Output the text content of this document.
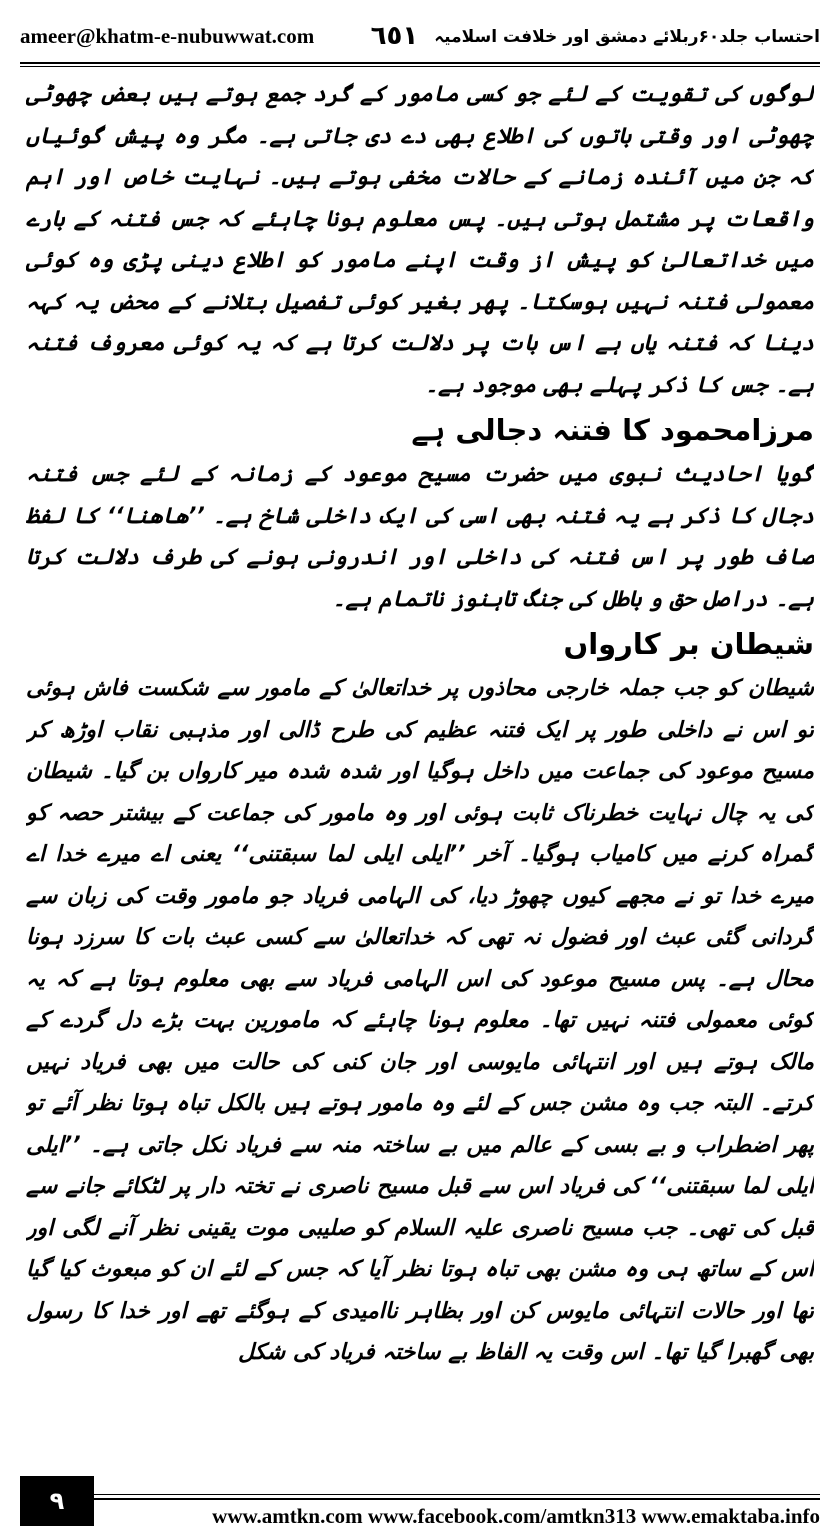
ameer@khatm-e-nubuwwat.com	احتساب جلد۶۰ربلائے دمشق اور خلافت اسلامیہ
٦٥١

لوگوں کی تقویت کے لئے جو کسی مامور کے گرد جمع ہوتے ہیں بعض چھوٹی چھوٹی اور وقتی باتوں کی اطلاع بھی دے دی جاتی ہے۔ مگر وہ پیش گوئیاں کہ جن میں آئندہ زمانے کے حالات مخفی ہوتے ہیں۔ نہایت خاص اور اہم واقعات پر مشتمل ہوتی ہیں۔ پس معلوم ہونا چاہئے کہ جس فتنہ کے بارے میں خداتعالیٰ کو پیش از وقت اپنے مامور کو اطلاع دینی پڑی وہ کوئی معمولی فتنہ نہیں ہوسکتا۔ پھر بغیر کوئی تفصیل بتلانے کے محض یہ کہہ دینا کہ فتنہ یاں ہے اس بات پر دلالت کرتا ہے کہ یہ کوئی معروف فتنہ ہے۔ جس کا ذکر پہلے بھی موجود ہے۔

مرزامحمود کا فتنہ دجالی ہے

گویا احادیث نبوی میں حضرت مسیح موعود کے زمانہ کے لئے جس فتنہ دجال کا ذکر ہے یہ فتنہ بھی اسی کی ایک داخلی شاخ ہے۔ ’’ھاھنا‘‘ کا لفظ صاف طور پر اس فتنہ کی داخلی اور اندرونی ہونے کی طرف دلالت کرتا ہے۔ دراصل حق و باطل کی جنگ تاہنوز ناتمام ہے۔

شیطان بر کارواں

شیطان کو جب جملہ خارجی محاذوں پر خداتعالیٰ کے مامور سے شکست فاش ہوئی تو اس نے داخلی طور پر ایک فتنہ عظیم کی طرح ڈالی اور مذہبی نقاب اوڑھ کر مسیح موعود کی جماعت میں داخل ہوگیا اور شدہ شدہ میر کارواں بن گیا۔ شیطان کی یہ چال نہایت خطرناک ثابت ہوئی اور وہ مامور کی جماعت کے بیشتر حصہ کو گمراہ کرنے میں کامیاب ہوگیا۔ آخر ’’ایلی ایلی لما سبقتنی‘‘ یعنی اے میرے خدا اے میرے خدا تو نے مجھے کیوں چھوڑ دیا، کی الہامی فریاد جو مامور وقت کی زبان سے گردانی گئی عبث اور فضول نہ تھی کہ خداتعالیٰ سے کسی عبث بات کا سرزد ہونا محال ہے۔ پس مسیح موعود کی اس الہامی فریاد سے بھی معلوم ہوتا ہے کہ یہ کوئی معمولی فتنہ نہیں تھا۔ معلوم ہونا چاہئے کہ مامورین بہت بڑے دل گردے کے مالک ہوتے ہیں اور انتہائی مایوسی اور جان کنی کی حالت میں بھی فریاد نہیں کرتے۔ البتہ جب وہ مشن جس کے لئے وہ مامور ہوتے ہیں بالکل تباہ ہوتا نظر آئے تو پھر اضطراب و بے بسی کے عالم میں بے ساختہ منہ سے فریاد نکل جاتی ہے۔ ’’ایلی ایلی لما سبقتنی‘‘ کی فریاد اس سے قبل مسیح ناصری نے تختہ دار پر لٹکائے جانے سے قبل کی تھی۔ جب مسیح ناصری علیہ السلام کو صلیبی موت یقینی نظر آنے لگی اور اس کے ساتھ ہی وہ مشن بھی تباہ ہوتا نظر آیا کہ جس کے لئے ان کو مبعوث کیا گیا تھا اور حالات انتہائی مایوس کن اور بظاہر ناامیدی کے ہوگئے تھے اور خدا کا رسول بھی گھبرا گیا تھا۔ اس وقت یہ الفاظ بے ساختہ فریاد کی شکل

۹
www.amtkn.com www.facebook.com/amtkn313 www.emaktaba.info
